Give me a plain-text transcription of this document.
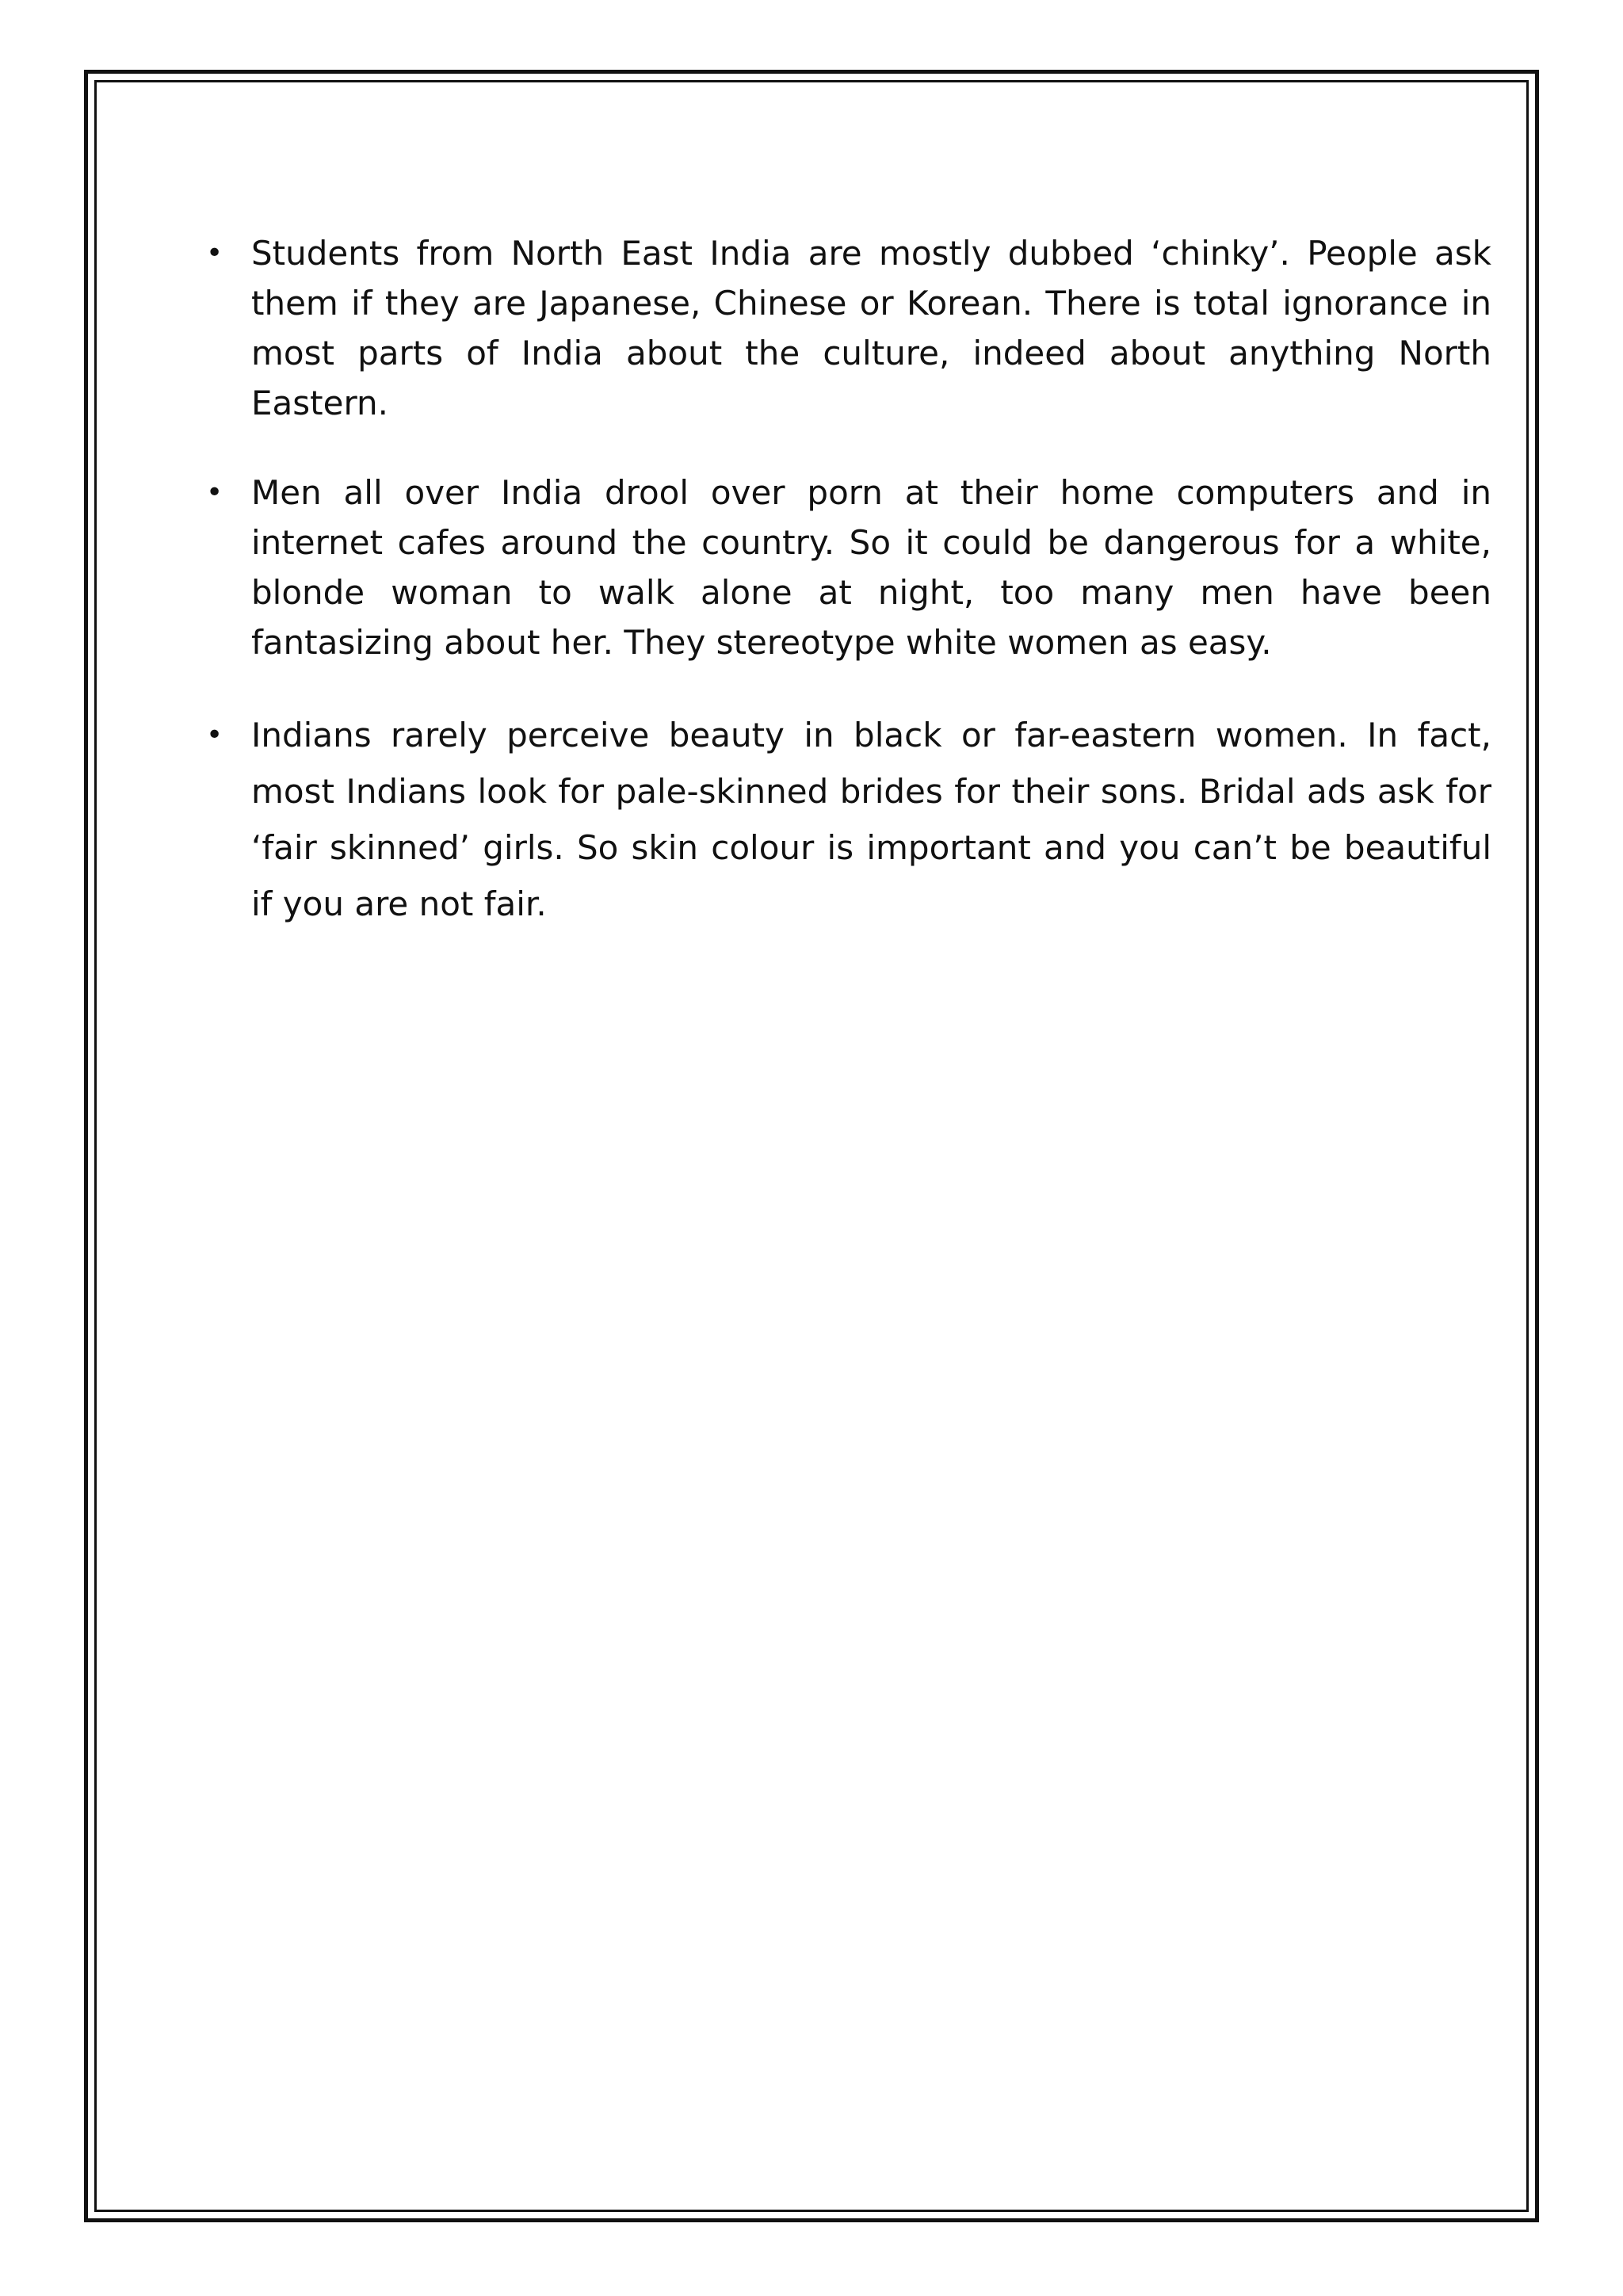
• Students from North East India are mostly dubbed ‘chinky’. People ask them if they are Japanese, Chinese or Korean. There is total ignorance in most parts of India about the culture, indeed about anything North Eastern.
• Men all over India drool over porn at their home computers and in internet cafes around the country. So it could be dangerous for a white, blonde woman to walk alone at night, too many men have been fantasizing about her. They stereotype white women as easy.
• Indians rarely perceive beauty in black or far-eastern women. In fact, most Indians look for pale-skinned brides for their sons. Bridal ads ask for ‘fair skinned’ girls. So skin colour is important and you can’t be beautiful if you are not fair.
